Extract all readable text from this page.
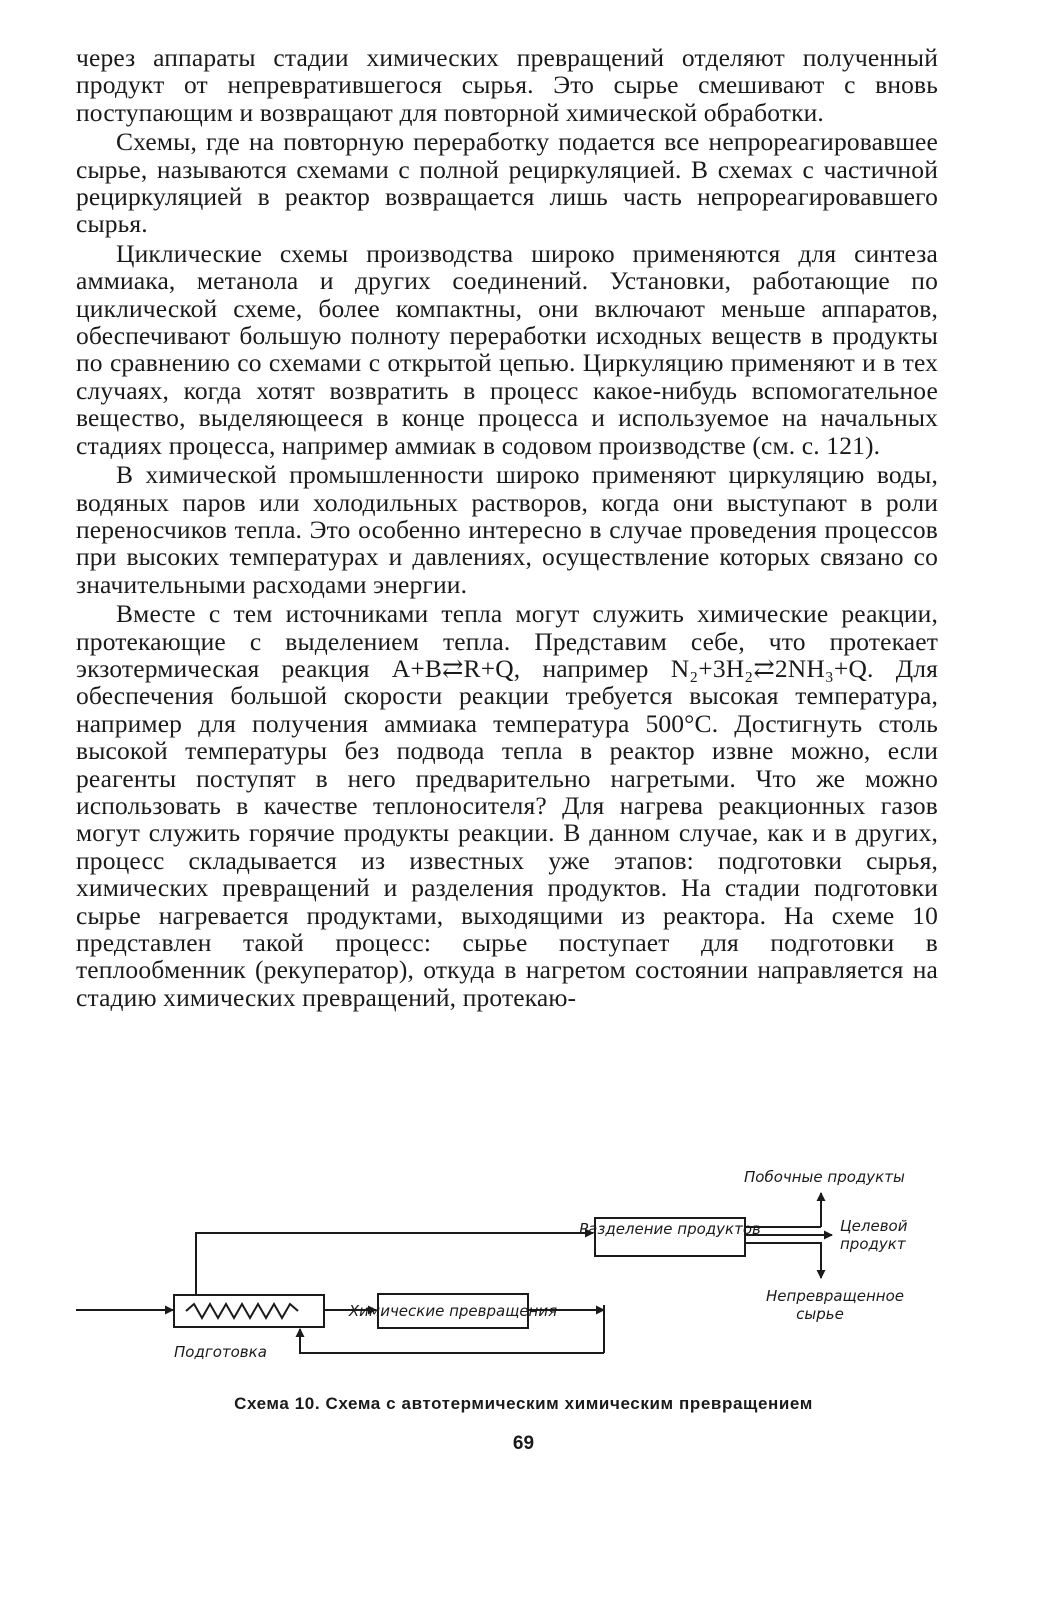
через аппараты стадии химических превращений отделяют полученный продукт от непревратившегося сырья. Это сырье смешивают с вновь поступающим и возвращают для повторной химической обработки.

Схемы, где на повторную переработку подается все непрореагировавшее сырье, называются схемами с полной рециркуляцией. В схемах с частичной рециркуляцией в реактор возвращается лишь часть непрореагировавшего сырья.

Циклические схемы производства широко применяются для синтеза аммиака, метанола и других соединений. Установки, работающие по циклической схеме, более компактны, они включают меньше аппаратов, обеспечивают большую полноту переработки исходных веществ в продукты по сравнению со схемами с открытой цепью. Циркуляцию применяют и в тех случаях, когда хотят возвратить в процесс какое-нибудь вспомогательное вещество, выделяющееся в конце процесса и используемое на начальных стадиях процесса, например аммиак в содовом производстве (см. с. 121).

В химической промышленности широко применяют циркуляцию воды, водяных паров или холодильных растворов, когда они выступают в роли переносчиков тепла. Это особенно интересно в случае проведения процессов при высоких температурах и давлениях, осуществление которых связано со значительными расходами энергии.

Вместе с тем источниками тепла могут служить химические реакции, протекающие с выделением тепла. Представим себе, что протекает экзотермическая реакция A+B⇄R+Q, например N₂+3H₂⇄2NH₃+Q. Для обеспечения большой скорости реакции требуется высокая температура, например для получения аммиака температура 500°С. Достигнуть столь высокой температуры без подвода тепла в реактор извне можно, если реагенты поступят в него предварительно нагретыми. Что же можно использовать в качестве теплоносителя? Для нагрева реакционных газов могут служить горячие продукты реакции. В данном случае, как и в других, процесс складывается из известных уже этапов: подготовки сырья, химических превращений и разделения продуктов. На стадии подготовки сырье нагревается продуктами, выходящими из реактора. На схеме 10 представлен такой процесс: сырье поступает для подготовки в теплообменник (рекуператор), откуда в нагретом состоянии направляется на стадию химических превращений, протекаю-

Разделение продуктов
Химические превращения
Подготовка
Побочные продукты
Целевой
продукт
Непревращенное
сырье
Схема 10. Схема с автотермическим химическим превращением
69
